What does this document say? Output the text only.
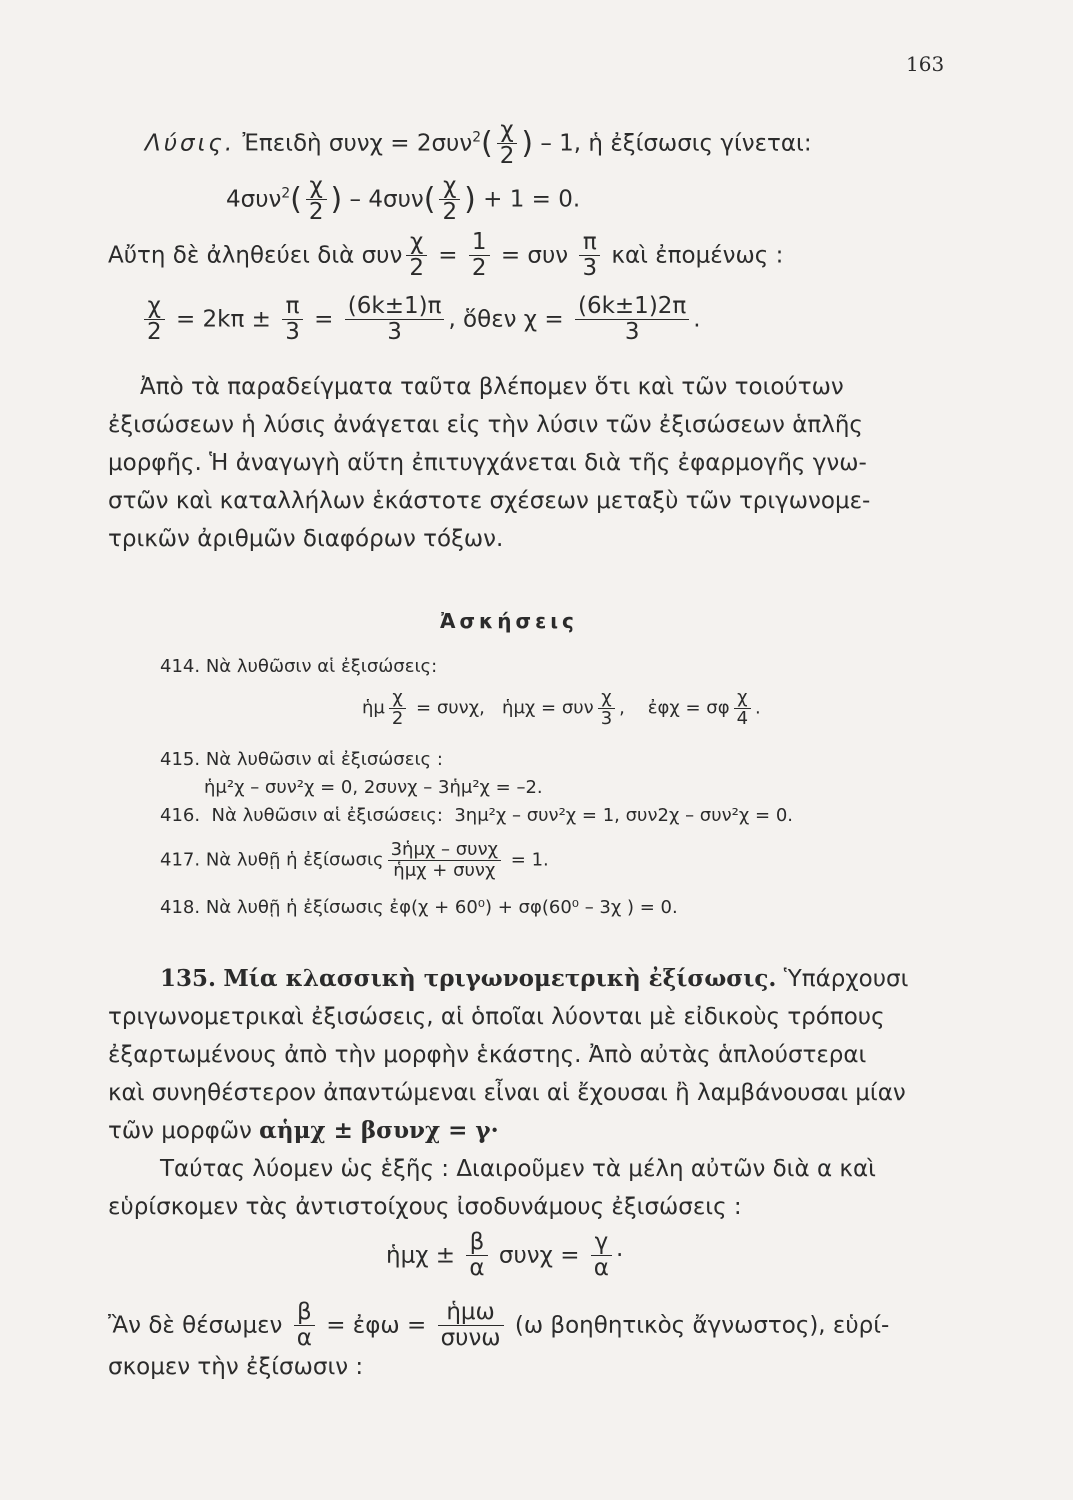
163
Λύσις. Ἐπειδὴ $\sigma\upsilon\nu\chi = 2\sigma\upsilon\nu^2( \frac{\chi}{2}$ ) – 1, ἡ ἐξίσωσις γίνεται:
$4\sigma\upsilon\nu^2( \frac{\chi}{2}$ ) – $4\sigma\upsilon\nu( \frac{\chi}{2}$ ) + 1 = 0.
Αὔτη δὲ ἀληθεύει διὰ συν $\frac{\chi}{2} = \frac{1}{2} = \sigma\upsilon\nu \frac{\pi}{3}$ καὶ ἐπομένως :
$\frac{\chi}{2} = 2k\pi \pm \frac{\pi}{3} = \frac{(6k\pm 1)\pi}{3}$ , ὅθεν $\chi = \frac{(6k\pm 1)2\pi}{3}$ .
Ἀπὸ τὰ παραδείγματα ταῦτα βλέπομεν ὅτι καὶ τῶν τοιούτων
ἐξισώσεων ἡ λύσις ἀνάγεται εἰς τὴν λύσιν τῶν ἐξισώσεων ἁπλῆς
μορφῆς. Ἡ ἀναγωγὴ αὕτη ἐπιτυγχάνεται διὰ τῆς ἐφαρμογῆς γνω-
στῶν καὶ καταλλήλων ἑκάστοτε σχέσεων μεταξὺ τῶν τριγωνομε-
τρικῶν ἀριθμῶν διαφόρων τόξων.
Ἀσκήσεις
414. Νὰ λυθῶσιν αἱ ἐξισώσεις:
ἡμ $\frac{\chi}{2} = \sigma\upsilon\nu\chi$, ἡμχ = συν $\frac{\chi}{3}$ , ἐφχ = σφ $\frac{\chi}{4}$ .
415. Νὰ λυθῶσιν αἱ ἐξισώσεις :
ἡμ²χ – συν²χ = 0, 2συνχ – 3ἡμ²χ = –2.
416. Νὰ λυθῶσιν αἱ ἐξισώσεις: 3ημ²χ – συν²χ = 1, συν2χ – συν²χ = 0.
417. Νὰ λυθῇ ἡ ἐξίσωσις $\frac{\text{3ἡμχ – συνχ}}{\text{ἡμχ + συνχ}} = 1$.
418. Νὰ λυθῇ ἡ ἐξίσωσις ἐφ(χ + 60⁰) + σφ(60⁰ – 3χ ) = 0.
135. Μία κλασσικὴ τριγωνομετρικὴ ἐξίσωσις. Ὑπάρχουσι
τριγωνομετρικαὶ ἐξισώσεις, αἱ ὁποῖαι λύονται μὲ εἰδικοὺς τρόπους
ἐξαρτωμένους ἀπὸ τὴν μορφὴν ἑκάστης. Ἀπὸ αὐτὰς ἁπλούστεραι
καὶ συνηθέστερον ἀπαντώμεναι εἶναι αἱ ἔχουσαι ἢ λαμβάνουσαι μίαν
τῶν μορφῶν αἡμχ ± βσυνχ = γ·
Ταύτας λύομεν ὡς ἑξῆς : Διαιροῦμεν τὰ μέλη αὐτῶν διὰ α καὶ
εὑρίσκομεν τὰς ἀντιστοίχους ἰσοδυνάμους ἐξισώσεις :
ἡμχ ± $\frac{\beta}{\alpha}$ $\sigma\upsilon\nu\chi = \frac{\gamma}{\alpha}$ ·
Ἂν δὲ θέσωμεν $\frac{\beta}{\alpha}$ = ἐφω = $\frac{\text{ἡμω}}{\text{συνω}} (\omega$ βοηθητικὸς ἄγνωστος), εὑρί-
σκομεν τὴν ἐξίσωσιν :
